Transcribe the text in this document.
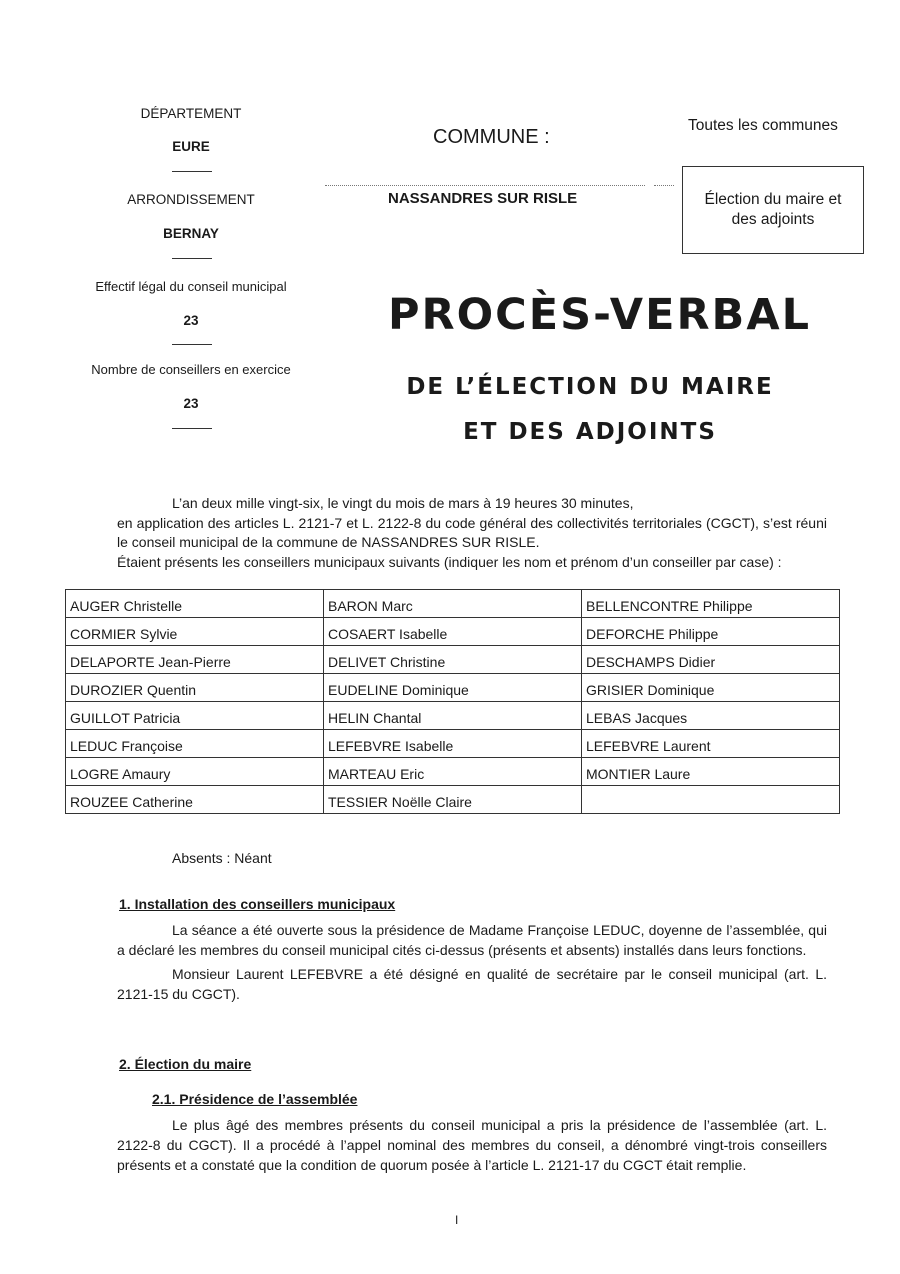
DÉPARTEMENT
EURE
ARRONDISSEMENT
BERNAY
Effectif légal du conseil municipal
23
Nombre de conseillers en exercice
23
COMMUNE :
Toutes les communes
NASSANDRES SUR RISLE	Élection du maire et
des adjoints
PROCÈS-VERBAL
DE L’ÉLECTION DU MAIRE
ET DES ADJOINTS

L’an deux mille vingt-six, le vingt du mois de mars à 19 heures 30 minutes,

en application des articles L. 2121-7 et L. 2122-8 du code général des collectivités territoriales (CGCT), s’est réuni le conseil municipal de la commune de NASSANDRES SUR RISLE.

Étaient présents les conseillers municipaux suivants (indiquer les nom et prénom d’un conseiller par case) :

AUGER Christelle	BARON Marc	BELLENCONTRE Philippe
CORMIER Sylvie	COSAERT Isabelle	DEFORCHE Philippe
DELAPORTE Jean-Pierre	DELIVET Christine	DESCHAMPS Didier
DUROZIER Quentin	EUDELINE Dominique	GRISIER Dominique
GUILLOT Patricia	HELIN Chantal	LEBAS Jacques
LEDUC Françoise	LEFEBVRE Isabelle	LEFEBVRE Laurent
LOGRE Amaury	MARTEAU Eric	MONTIER Laure
ROUZEE Catherine	TESSIER Noëlle Claire	
Absents : Néant
1. Installation des conseillers municipaux

La séance a été ouverte sous la présidence de Madame Françoise LEDUC, doyenne de l’assemblée, qui a déclaré les membres du conseil municipal cités ci-dessus (présents et absents) installés dans leurs fonctions.

Monsieur Laurent LEFEBVRE a été désigné en qualité de secrétaire par le conseil municipal (art. L. 2121-15 du CGCT).

2. Élection du maire
2.1. Présidence de l’assemblée

Le plus âgé des membres présents du conseil municipal a pris la présidence de l’assemblée (art. L. 2122-8 du CGCT). Il a procédé à l’appel nominal des membres du conseil, a dénombré vingt-trois conseillers présents et a constaté que la condition de quorum posée à l’article L. 2121-17 du CGCT était remplie.

I
